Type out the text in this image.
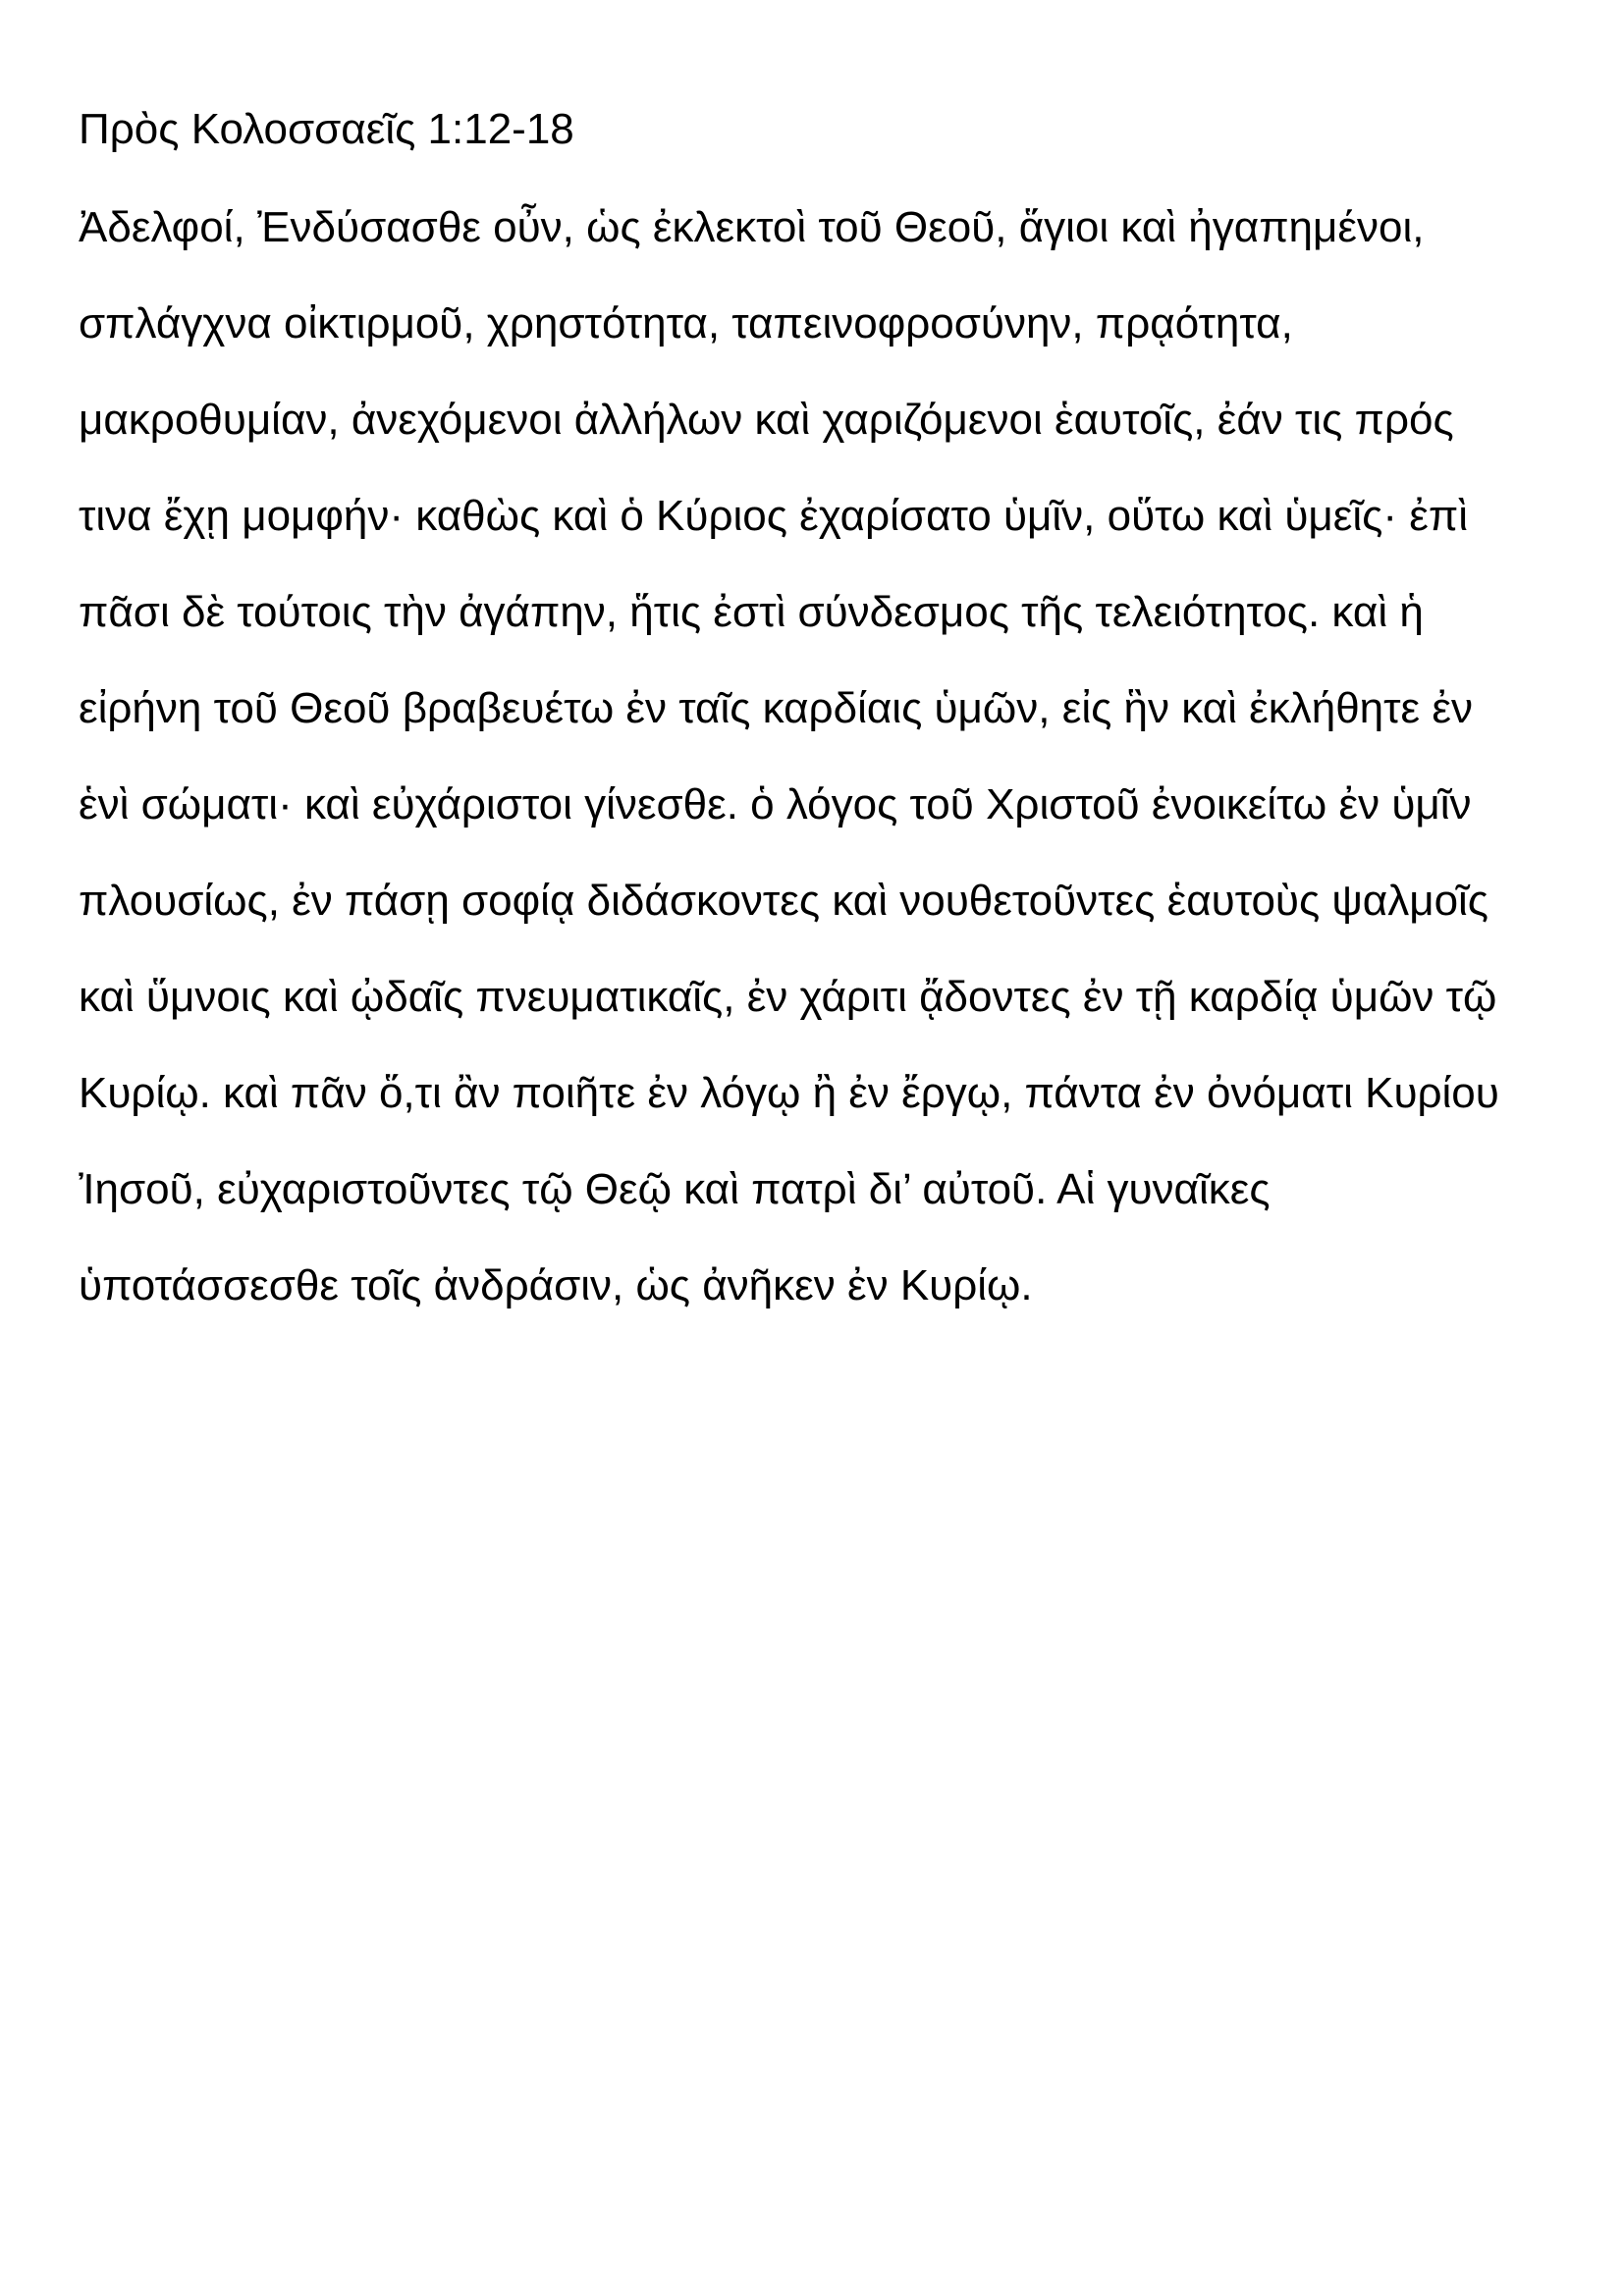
Πρὸς Κολοσσαεῖς 1:12-18
Ἀδελφοί, Ἐνδύσασθε οὖν, ὡς ἐκλεκτοὶ τοῦ Θεοῦ, ἅγιοι καὶ ἠγαπημένοι,
σπλάγχνα οἰκτιρμοῦ, χρηστότητα, ταπεινοφροσύνην, πρᾳότητα,
μακροθυμίαν, ἀνεχόμενοι ἀλλήλων καὶ χαριζόμενοι ἑαυτοῖς, ἐάν τις πρός
τινα ἔχῃ μομφήν· καθὼς καὶ ὁ Κύριος ἐχαρίσατο ὑμῖν, οὕτω καὶ ὑμεῖς· ἐπὶ
πᾶσι δὲ τούτοις τὴν ἀγάπην, ἥτις ἐστὶ σύνδεσμος τῆς τελειότητος. καὶ ἡ
εἰρήνη τοῦ Θεοῦ βραβευέτω ἐν ταῖς καρδίαις ὑμῶν, εἰς ἣν καὶ ἐκλήθητε ἐν
ἑνὶ σώματι· καὶ εὐχάριστοι γίνεσθε. ὁ λόγος τοῦ Χριστοῦ ἐνοικείτω ἐν ὑμῖν
πλουσίως, ἐν πάσῃ σοφίᾳ διδάσκοντες καὶ νουθετοῦντες ἑαυτοὺς ψαλμοῖς
καὶ ὕμνοις καὶ ᾠδαῖς πνευματικαῖς, ἐν χάριτι ᾄδοντες ἐν τῇ καρδίᾳ ὑμῶν τῷ
Κυρίῳ. καὶ πᾶν ὅ,τι ἂν ποιῆτε ἐν λόγῳ ἢ ἐν ἔργῳ, πάντα ἐν ὀνόματι Κυρίου
Ἰησοῦ, εὐχαριστοῦντες τῷ Θεῷ καὶ πατρὶ δι’ αὐτοῦ. Αἱ γυναῖκες
ὑποτάσσεσθε τοῖς ἀνδράσιν, ὡς ἀνῆκεν ἐν Κυρίῳ.
